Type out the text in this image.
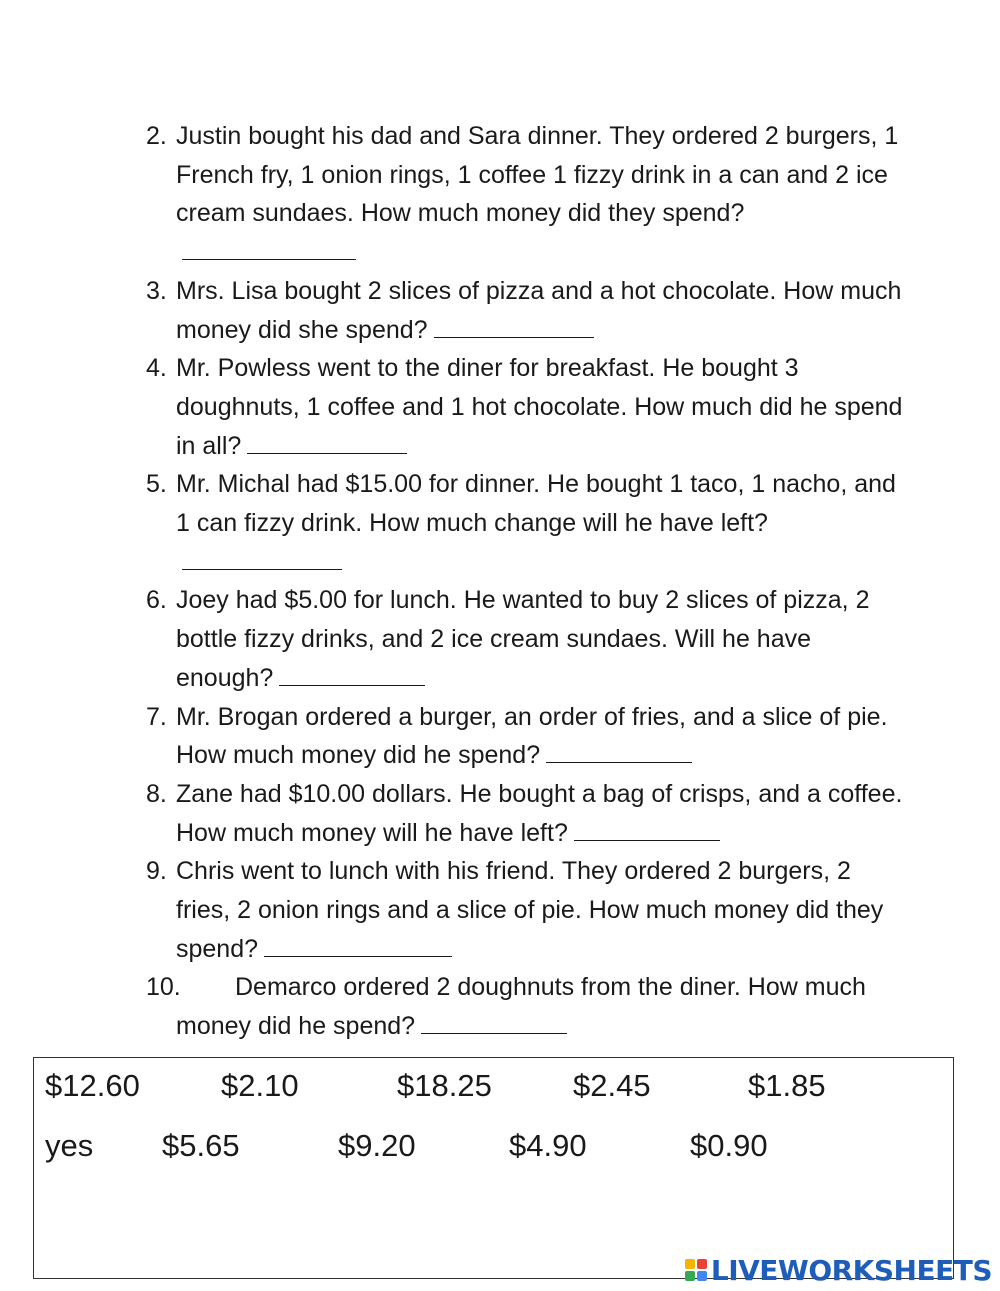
2. Justin bought his dad and Sara dinner. They ordered 2 burgers, 1 French fry, 1 onion rings, 1 coffee 1 fizzy drink in a can and 2 ice cream sundaes. How much money did they spend?
3. Mrs. Lisa bought 2 slices of pizza and a hot chocolate. How much money did she spend?
4. Mr. Powless went to the diner for breakfast. He bought 3 doughnuts, 1 coffee and 1 hot chocolate. How much did he spend in all?
5. Mr. Michal had $15.00 for dinner. He bought 1 taco, 1 nacho, and 1 can fizzy drink. How much change will he have left?
6. Joey had $5.00 for lunch. He wanted to buy 2 slices of pizza, 2 bottle fizzy drinks, and 2 ice cream sundaes. Will he have enough?
7. Mr. Brogan ordered a burger, an order of fries, and a slice of pie. How much money did he spend?
8. Zane had $10.00 dollars. He bought a bag of crisps, and a coffee. How much money will he have left?
9. Chris went to lunch with his friend. They ordered 2 burgers, 2 fries, 2 onion rings and a slice of pie. How much money did they spend?
10. Demarco ordered 2 doughnuts from the diner. How much money did he spend?
$12.60	$2.10	$18.25	$2.45	$1.85
yes $5.65	$9.20	$4.90	$0.90
LIVEWORKSHEETS
